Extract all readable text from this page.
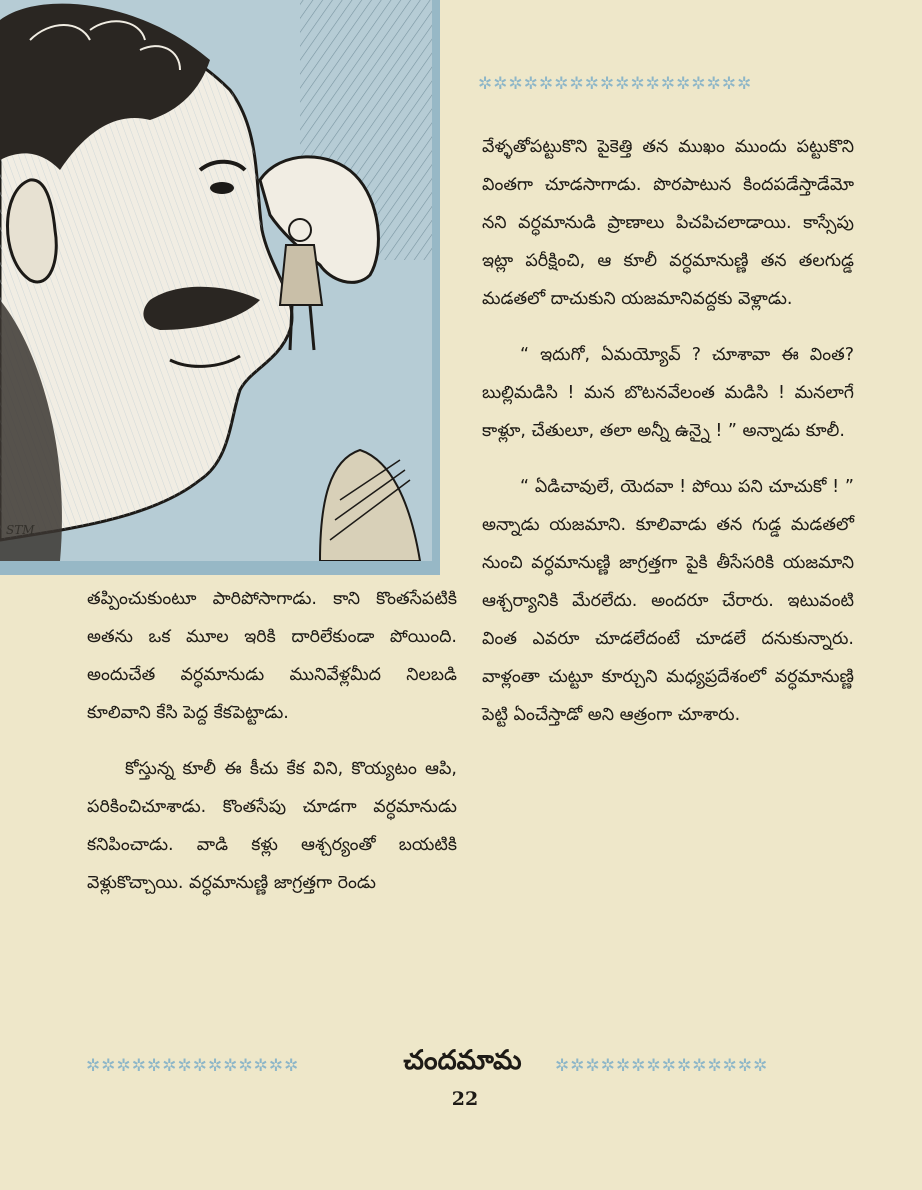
STM
✲✲✲✲✲✲✲✲✲✲✲✲✲✲✲✲✲✲

వేళ్ళతోపట్టుకొని పైకెత్తి తన ముఖం ముందు పట్టుకొని వింతగా చూడసాగాడు. పొరపాటున కిందపడేస్తాడేమో నని వర్ధమానుడి ప్రాణాలు పిచపిచలాడాయి. కాస్సేపు ఇట్లా పరీక్షించి, ఆ కూలీ వర్ధమానుణ్ణి తన తలగుడ్డ మడతలో దాచుకుని యజమానివద్దకు వెళ్లాడు.

“ ఇదుగో, ఏమయ్యోవ్ ? చూశావా ఈ వింత? బుల్లిమడిసి ! మన బొటనవేలంత మడిసి ! మనలాగే కాళ్లూ, చేతులూ, తలా అన్నీ ఉన్నై ! ” అన్నాడు కూలీ.

“ ఏడిచావులే, యెదవా ! పోయి పని చూచుకో ! ” అన్నాడు యజమాని. కూలివాడు తన గుడ్డ మడతలో నుంచి వర్ధమానుణ్ణి జాగ్రత్తగా పైకి తీసేసరికి యజమాని ఆశ్చర్యానికి మేరలేదు. అందరూ చేరారు. ఇటువంటి వింత ఎవరూ చూడలేదంటే చూడలే దనుకున్నారు. వాళ్లంతా చుట్టూ కూర్చుని మధ్యప్రదేశంలో వర్ధమానుణ్ణి పెట్టి ఏంచేస్తాడో అని ఆత్రంగా చూశారు.

తప్పించుకుంటూ పారిపోసాగాడు. కాని కొంతసేపటికి అతను ఒక మూల ఇరికి దారిలేకుండా పోయింది. అందుచేత వర్ధమానుడు మునివేళ్లమీద నిలబడి కూలివాని కేసి పెద్ద కేకపెట్టాడు.

కోస్తున్న కూలీ ఈ కీచు కేక విని, కొయ్యటం ఆపి, పరికించిచూశాడు. కొంతసేపు చూడగా వర్ధమానుడు కనిపించాడు. వాడి కళ్లు ఆశ్చర్యంతో బయటికి వెళ్లుకొచ్చాయి. వర్ధమానుణ్ణి జాగ్రత్తగా రెండు

✲✲✲✲✲✲✲✲✲✲✲✲✲✲	చందమామ	✲✲✲✲✲✲✲✲✲✲✲✲✲✲
22
